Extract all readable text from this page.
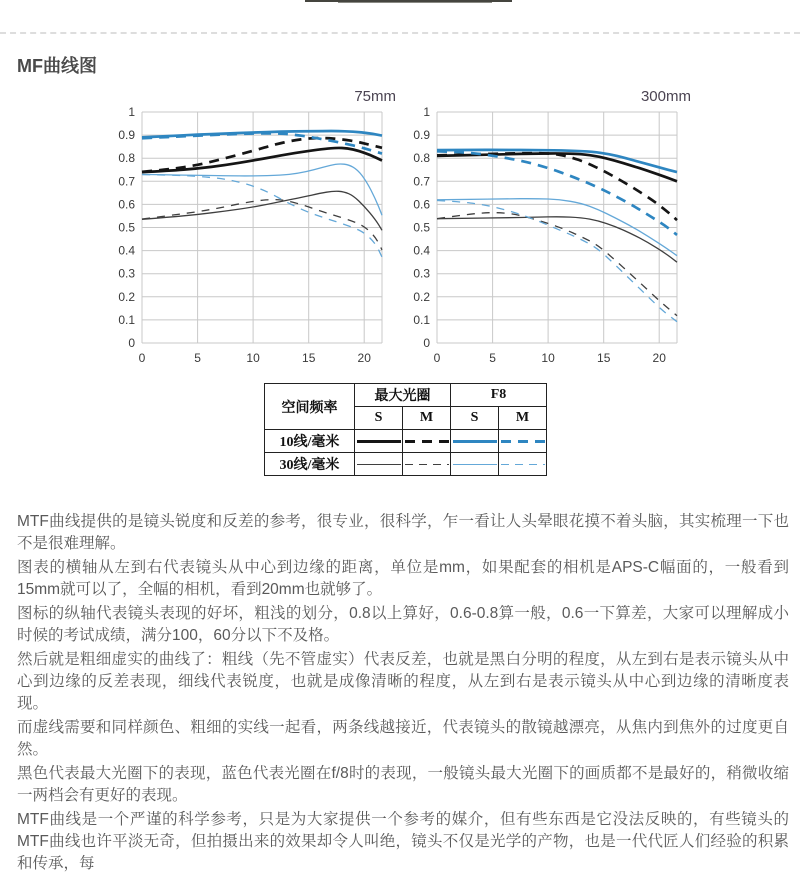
MF曲线图
1
0.9
0.8
0.7
0.6
0.5
0.4
0.3
0.2
0.1
0
0	5	10	15	20
75mm
1
0.9
0.8
0.7
0.6
0.5
0.4
0.3
0.2
0.1
0
0	5	10	15	20
300mm
空间频率	最大光圈		F8	
	S	M	S	M
10线/毫米	

30线/毫米	

MTF曲线提供的是镜头锐度和反差的参考，很专业，很科学，乍一看让人头晕眼花摸不着头脑，其实梳理一下也不是很难理解。

图表的横轴从左到右代表镜头从中心到边缘的距离，单位是mm，如果配套的相机是APS-C幅面的，一般看到15mm就可以了，全幅的相机，看到20mm也就够了。

图标的纵轴代表镜头表现的好坏，粗浅的划分，0.8以上算好，0.6-0.8算一般，0.6一下算差，大家可以理解成小时候的考试成绩，满分100，60分以下不及格。

然后就是粗细虚实的曲线了：粗线（先不管虚实）代表反差，也就是黑白分明的程度，从左到右是表示镜头从中心到边缘的反差表现，细线代表锐度，也就是成像清晰的程度，从左到右是表示镜头从中心到边缘的清晰度表现。

而虚线需要和同样颜色、粗细的实线一起看，两条线越接近，代表镜头的散镜越漂亮，从焦内到焦外的过度更自然。

黑色代表最大光圈下的表现，蓝色代表光圈在f/8时的表现，一般镜头最大光圈下的画质都不是最好的，稍微收缩一两档会有更好的表现。

MTF曲线是一个严谨的科学参考，只是为大家提供一个参考的媒介，但有些东西是它没法反映的，有些镜头的MTF曲线也许平淡无奇，但拍摄出来的效果却令人叫绝，镜头不仅是光学的产物，也是一代代匠人们经验的积累和传承，每
